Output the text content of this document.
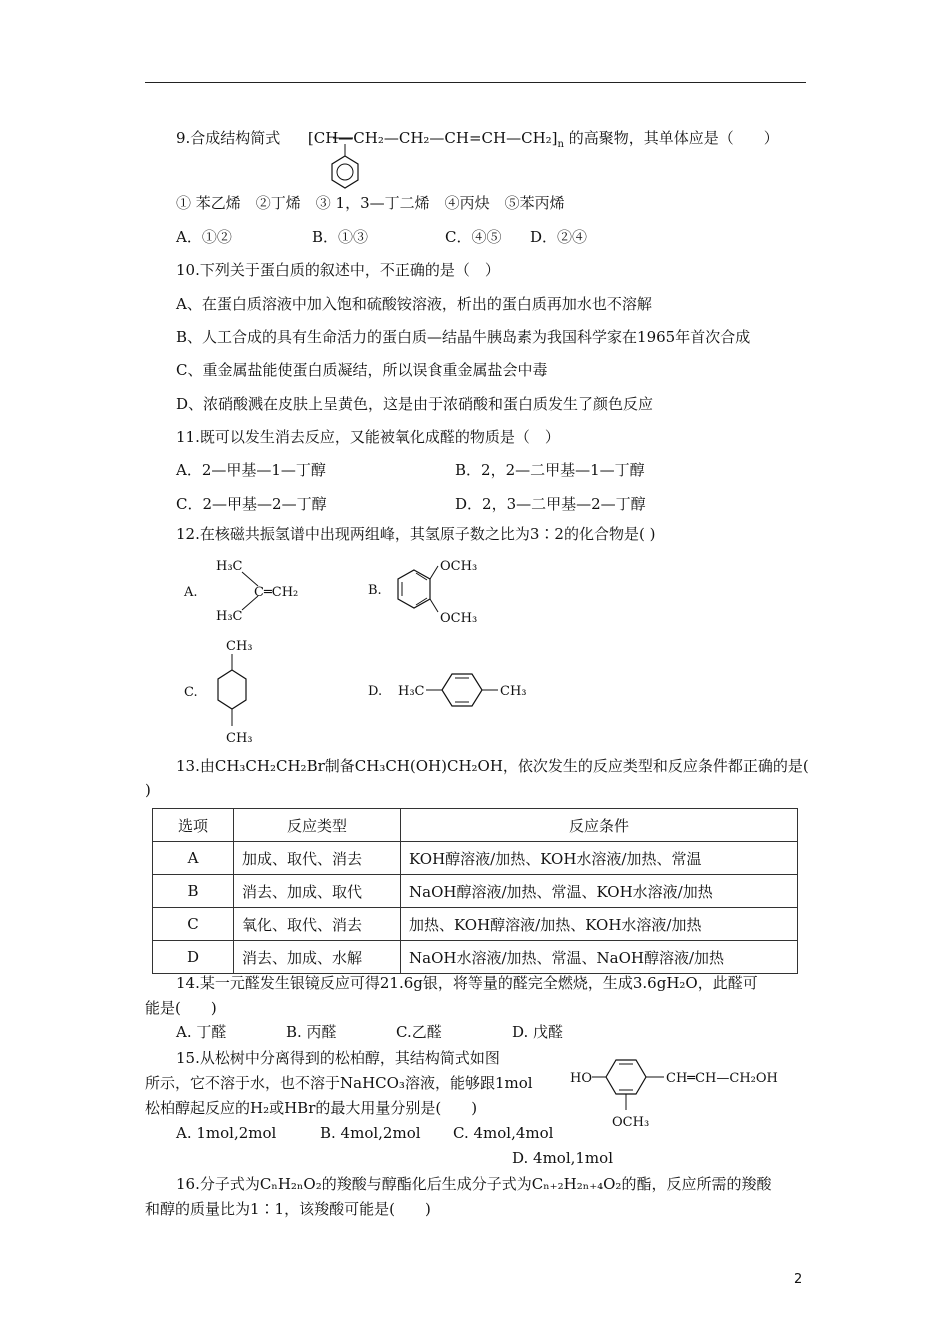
9.合成结构简式 $[CH—CH_2—CH_2—CH=CH—CH_2]_n$ 的高聚物，其单体应是（　　）
① 苯乙烯　②丁烯　③ 1，3—丁二烯　④丙炔　⑤苯丙烯
A．①②	B．①③	C．④⑤ D．②④
10.下列关于蛋白质的叙述中，不正确的是（　）
A、在蛋白质溶液中加入饱和硫酸铵溶液，析出的蛋白质再加水也不溶解
B、人工合成的具有生命活力的蛋白质—结晶牛胰岛素为我国科学家在1965年首次合成
C、重金属盐能使蛋白质凝结，所以误食重金属盐会中毒
D、浓硝酸溅在皮肤上呈黄色，这是由于浓硝酸和蛋白质发生了颜色反应
11.既可以发生消去反应，又能被氧化成醛的物质是（　）
A．2—甲基—1—丁醇	B．2，2—二甲基—1—丁醇
C．2—甲基—2—丁醇	D．2，3—二甲基—2—丁醇
12.在核磁共振氢谱中出现两组峰，其氢原子数之比为3∶2的化合物是( )
A.
H₃C
H₃C
C═CH₂	B.
OCH₃
OCH₃
C.
CH₃
CH₃
D. H₃C	CH₃
13.由CH₃CH₂CH₂Br制备CH₃CH(OH)CH₂OH，依次发生的反应类型和反应条件都正确的是(
)
选项	反应类型	反应条件
A	加成、取代、消去	KOH醇溶液/加热、KOH水溶液/加热、常温
B	消去、加成、取代	NaOH醇溶液/加热、常温、KOH水溶液/加热
C	氧化、取代、消去	加热、KOH醇溶液/加热、KOH水溶液/加热
D	消去、加成、水解	NaOH水溶液/加热、常温、NaOH醇溶液/加热
14.某一元醛发生银镜反应可得21.6g银，将等量的醛完全燃烧，生成3.6gH₂O，此醛可
能是(　　)
A. 丁醛	B. 丙醛	C.乙醛	D. 戊醛
15.从松树中分离得到的松柏醇，其结构简式如图
所示，它不溶于水，也不溶于NaHCO₃溶液，能够跟1mol
松柏醇起反应的H₂或HBr的最大用量分别是(　　)
A. 1mol,2mol	B. 4mol,2mol C. 4mol,4mol
D. 4mol,1mol
HO	CH═CH—CH₂OH
OCH₃
16.分子式为CₙH₂ₙO₂的羧酸与醇酯化后生成分子式为Cₙ₊₂H₂ₙ₊₄O₂的酯，反应所需的羧酸
和醇的质量比为1∶1，该羧酸可能是(　　)
2
